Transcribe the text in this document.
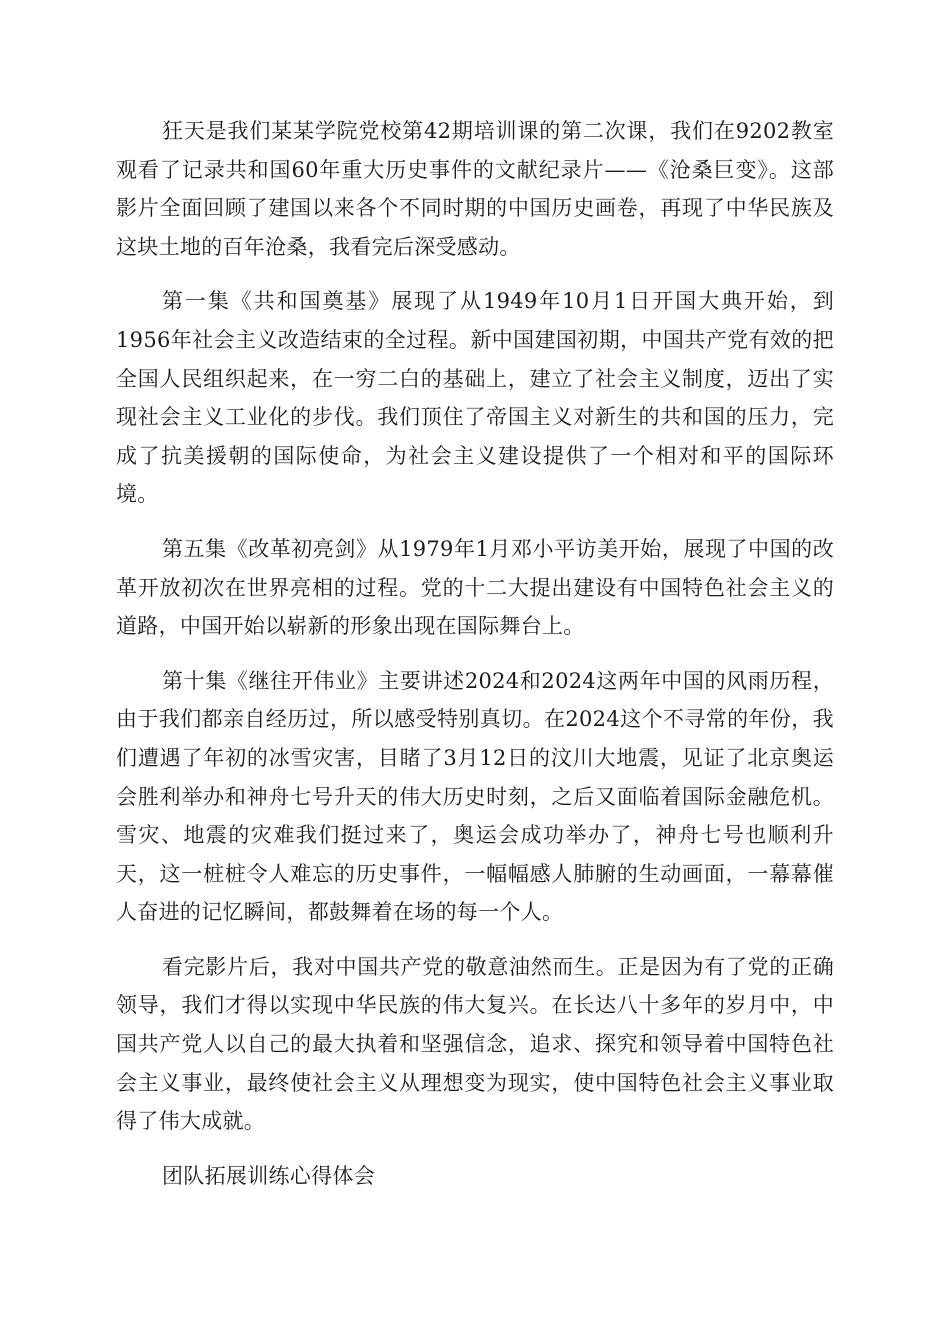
狂天是我们某某学院党校第42期培训课的第二次课，我们在9202教室观看了记录共和国60年重大历史事件的文献纪录片——《沧桑巨变》。这部影片全面回顾了建国以来各个不同时期的中国历史画卷，再现了中华民族及这块土地的百年沧桑，我看完后深受感动。

第一集《共和国奠基》展现了从1949年10月1日开国大典开始，到1956年社会主义改造结束的全过程。新中国建国初期，中国共产党有效的把全国人民组织起来，在一穷二白的基础上，建立了社会主义制度，迈出了实现社会主义工业化的步伐。我们顶住了帝国主义对新生的共和国的压力，完成了抗美援朝的国际使命，为社会主义建设提供了一个相对和平的国际环境。

第五集《改革初亮剑》从1979年1月邓小平访美开始，展现了中国的改革开放初次在世界亮相的过程。党的十二大提出建设有中国特色社会主义的道路，中国开始以崭新的形象出现在国际舞台上。

第十集《继往开伟业》主要讲述2024和2024这两年中国的风雨历程，由于我们都亲自经历过，所以感受特别真切。在2024这个不寻常的年份，我们遭遇了年初的冰雪灾害，目睹了3月12日的汶川大地震，见证了北京奥运会胜利举办和神舟七号升天的伟大历史时刻，之后又面临着国际金融危机。雪灾、地震的灾难我们挺过来了，奥运会成功举办了，神舟七号也顺利升天，这一桩桩令人难忘的历史事件，一幅幅感人肺腑的生动画面，一幕幕催人奋进的记忆瞬间，都鼓舞着在场的每一个人。

看完影片后，我对中国共产党的敬意油然而生。正是因为有了党的正确领导，我们才得以实现中华民族的伟大复兴。在长达八十多年的岁月中，中国共产党人以自己的最大执着和坚强信念，追求、探究和领导着中国特色社会主义事业，最终使社会主义从理想变为现实，使中国特色社会主义事业取得了伟大成就。

团队拓展训练心得体会
